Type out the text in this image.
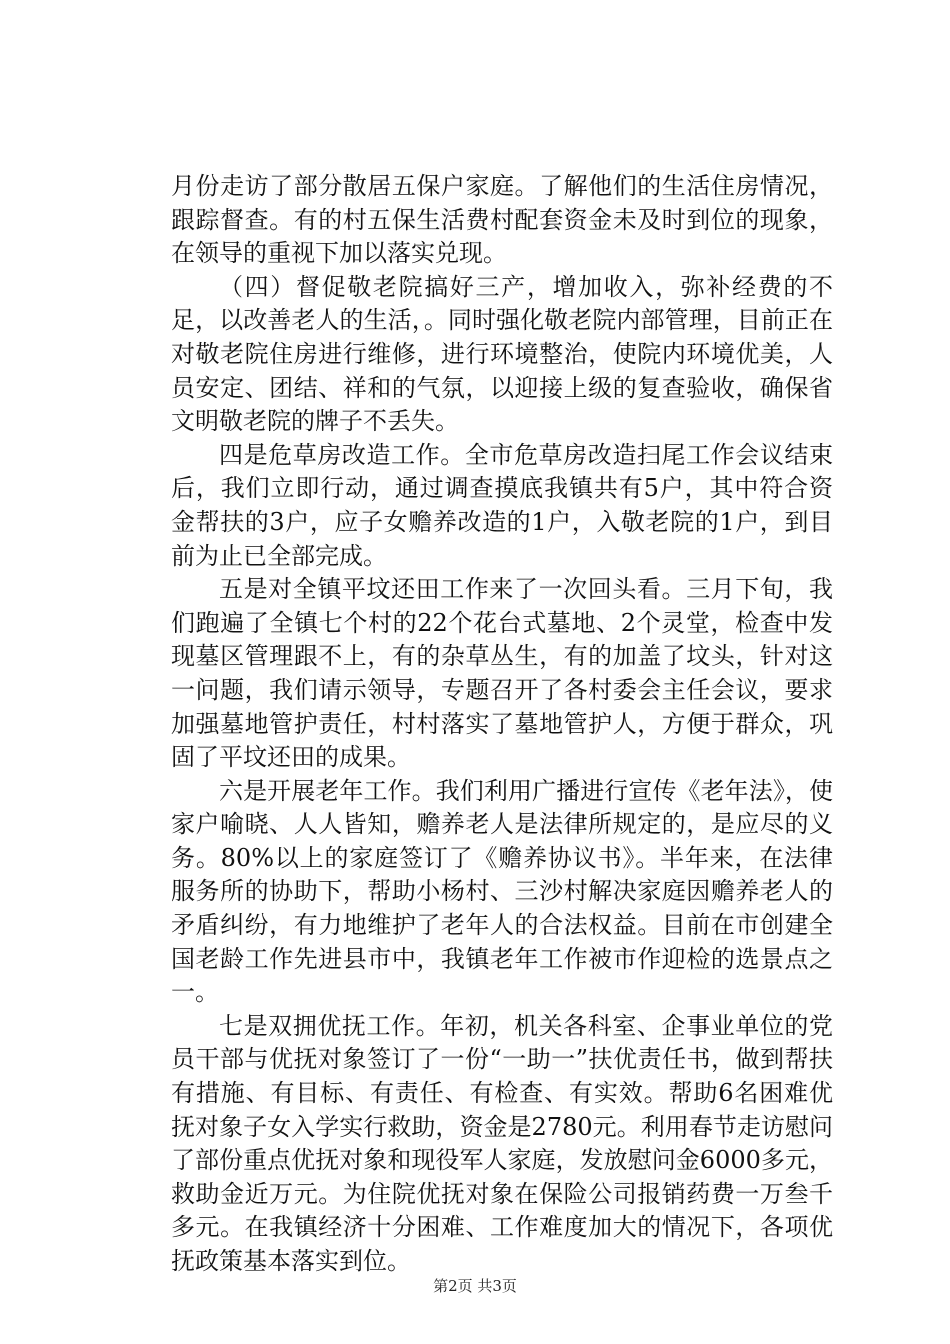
月份走访了部分散居五保户家庭。了解他们的生活住房情况，跟踪督查。有的村五保生活费村配套资金未及时到位的现象，在领导的重视下加以落实兑现。

（四）督促敬老院搞好三产，增加收入，弥补经费的不足，以改善老人的生活，。同时强化敬老院内部管理，目前正在对敬老院住房进行维修，进行环境整治，使院内环境优美，人员安定、团结、祥和的气氛，以迎接上级的复查验收，确保省文明敬老院的牌子不丢失。

四是危草房改造工作。全市危草房改造扫尾工作会议结束后，我们立即行动，通过调查摸底我镇共有5户，其中符合资金帮扶的3户，应子女赡养改造的1户，入敬老院的1户，到目前为止已全部完成。

五是对全镇平坟还田工作来了一次回头看。三月下旬，我们跑遍了全镇七个村的22个花台式墓地、2个灵堂，检查中发现墓区管理跟不上，有的杂草丛生，有的加盖了坟头，针对这一问题，我们请示领导，专题召开了各村委会主任会议，要求加强墓地管护责任，村村落实了墓地管护人，方便于群众，巩固了平坟还田的成果。

六是开展老年工作。我们利用广播进行宣传《老年法》，使家户喻晓、人人皆知，赡养老人是法律所规定的，是应尽的义务。80%以上的家庭签订了《赡养协议书》。半年来，在法律服务所的协助下，帮助小杨村、三沙村解决家庭因赡养老人的矛盾纠纷，有力地维护了老年人的合法权益。目前在市创建全国老龄工作先进县市中，我镇老年工作被市作迎检的选景点之一。

七是双拥优抚工作。年初，机关各科室、企事业单位的党员干部与优抚对象签订了一份“一助一”扶优责任书，做到帮扶有措施、有目标、有责任、有检查、有实效。帮助6名困难优抚对象子女入学实行救助，资金是2780元。利用春节走访慰问了部份重点优抚对象和现役军人家庭，发放慰问金6000多元，救助金近万元。为住院优抚对象在保险公司报销药费一万叁千多元。在我镇经济十分困难、工作难度加大的情况下，各项优抚政策基本落实到位。

第2页 共3页
